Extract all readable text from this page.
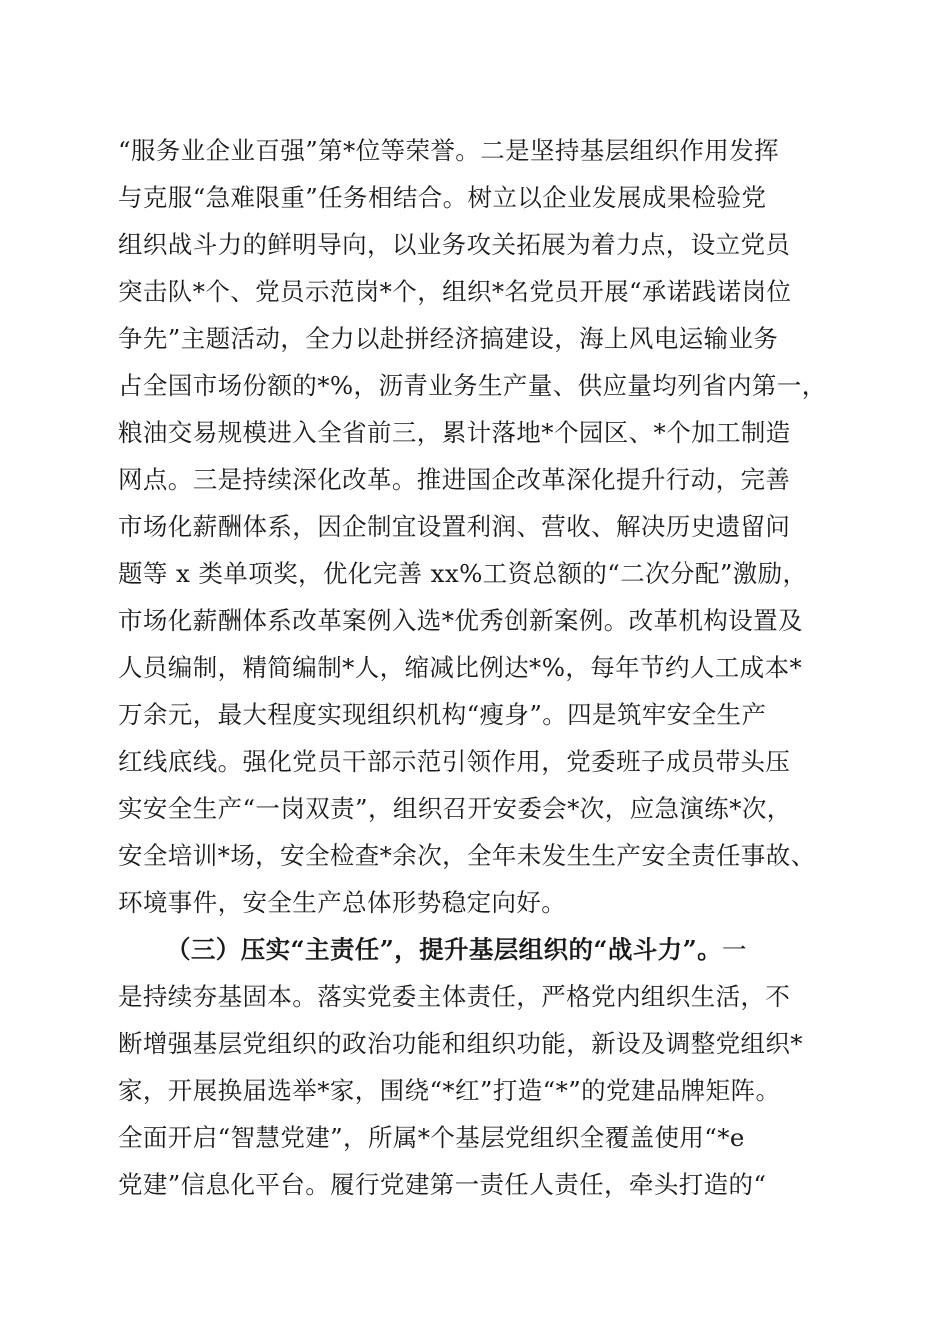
“服务业企业百强”第*位等荣誉。二是坚持基层组织作用发挥
与克服“急难限重”任务相结合。树立以企业发展成果检验党
组织战斗力的鲜明导向，以业务攻关拓展为着力点，设立党员
突击队*个、党员示范岗*个，组织*名党员开展“承诺践诺岗位
争先”主题活动，全力以赴拼经济搞建设，海上风电运输业务
占全国市场份额的*%，沥青业务生产量、供应量均列省内第一，
粮油交易规模进入全省前三，累计落地*个园区、*个加工制造
网点。三是持续深化改革。推进国企改革深化提升行动，完善
市场化薪酬体系，因企制宜设置利润、营收、解决历史遗留问
题等 x 类单项奖，优化完善 xx%工资总额的“二次分配”激励，
市场化薪酬体系改革案例入选*优秀创新案例。改革机构设置及
人员编制，精简编制*人，缩减比例达*%，每年节约人工成本*
万余元，最大程度实现组织机构“瘦身”。四是筑牢安全生产
红线底线。强化党员干部示范引领作用，党委班子成员带头压
实安全生产“一岗双责”，组织召开安委会*次，应急演练*次，
安全培训*场，安全检查*余次，全年未发生生产安全责任事故、
环境事件，安全生产总体形势稳定向好。
（三）压实“主责任”，提升基层组织的“战斗力”。一
是持续夯基固本。落实党委主体责任，严格党内组织生活，不
断增强基层党组织的政治功能和组织功能，新设及调整党组织*
家，开展换届选举*家，围绕“*红”打造“*”的党建品牌矩阵。
全面开启“智慧党建”，所属*个基层党组织全覆盖使用“*e
党建”信息化平台。履行党建第一责任人责任，牵头打造的“
